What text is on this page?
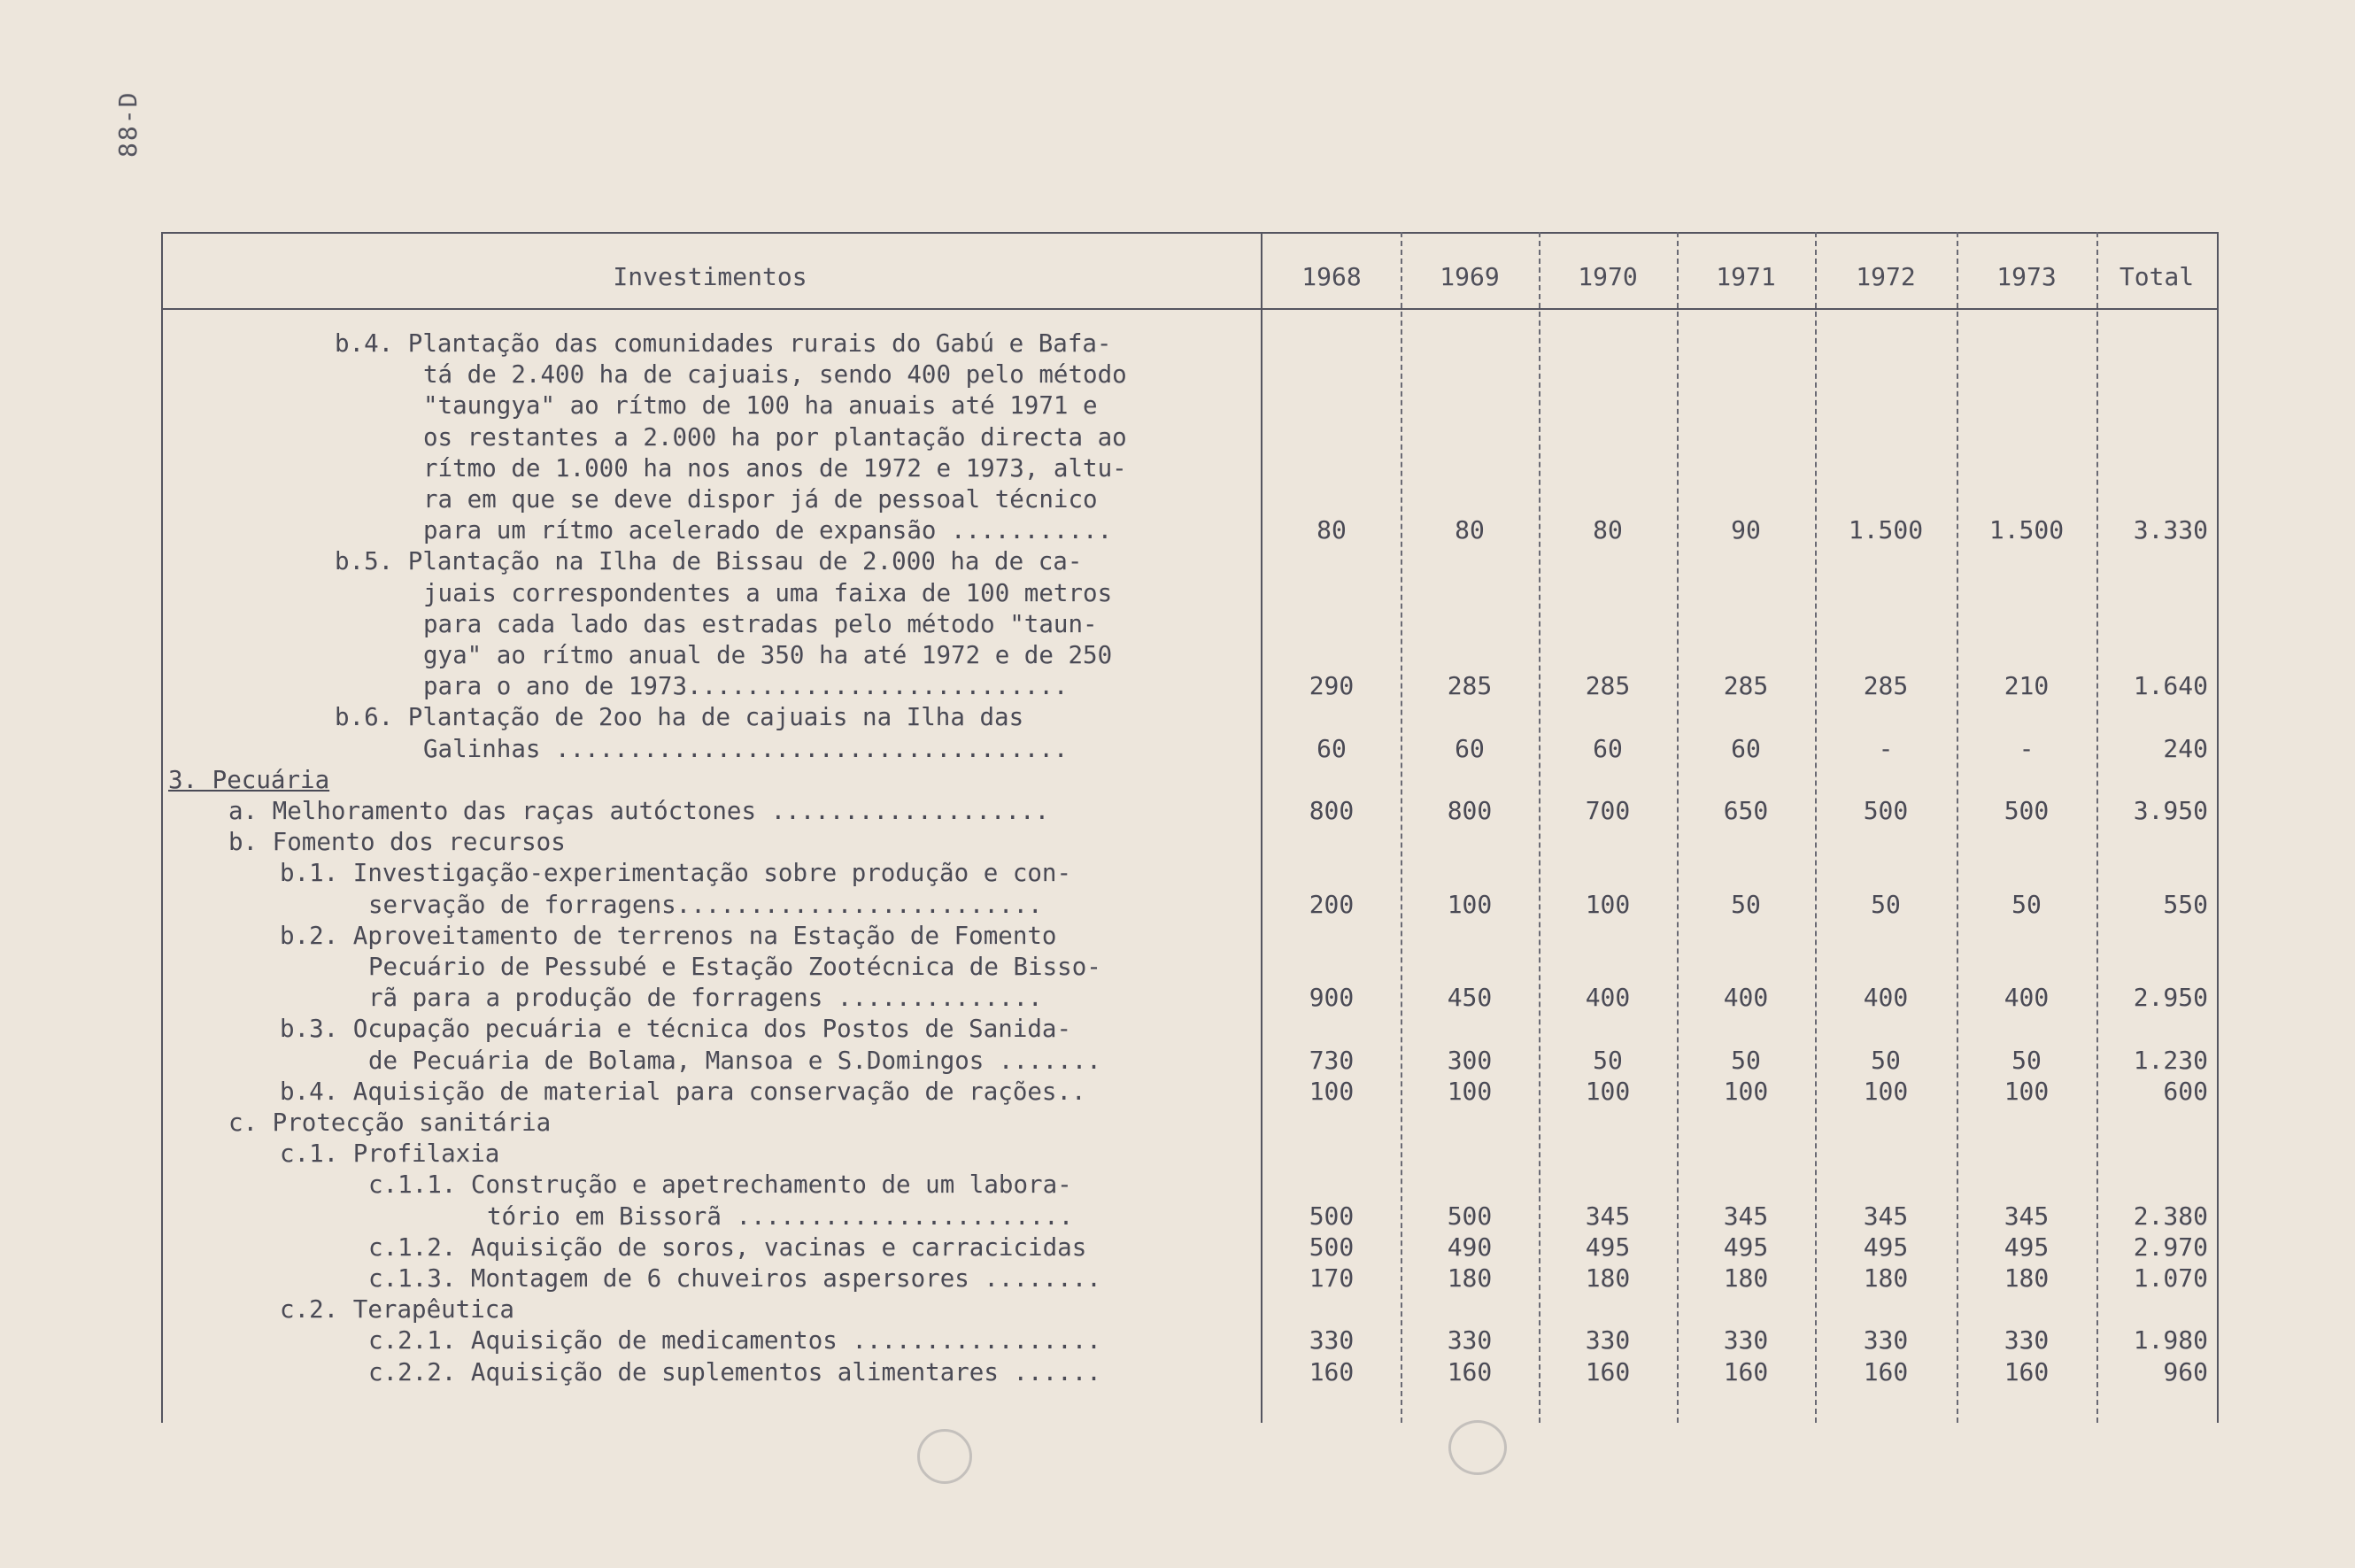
88-D
Investimentos	1968	1969	1970	1971	1972	1973	Total
b.4. Plantação das comunidades rurais do Gabú e Bafa-
tá de 2.400 ha de cajuais, sendo 400 pelo método
"taungya" ao rítmo de 100 ha anuais até 1971 e
os restantes a 2.000 ha por plantação directa ao
rítmo de 1.000 ha nos anos de 1972 e 1973, altu-
ra em que se deve dispor já de pessoal técnico
para um rítmo acelerado de expansão ...........	80	80	80	90	1.500	1.500	3.330
b.5. Plantação na Ilha de Bissau de 2.000 ha de ca-
juais correspondentes a uma faixa de 100 metros
para cada lado das estradas pelo método "taun-
gya" ao rítmo anual de 350 ha até 1972 e de 250
para o ano de 1973..........................	290	285	285	285	285	210	1.640
b.6. Plantação de 2oo ha de cajuais na Ilha das
Galinhas ...................................	60	60	60	60	-	-	240
3. Pecuária
a. Melhoramento das raças autóctones ...................	800	800	700	650	500	500	3.950
b. Fomento dos recursos
b.1. Investigação-experimentação sobre produção e con-
servação de forragens.........................	200	100	100	50	50	50	550
b.2. Aproveitamento de terrenos na Estação de Fomento
Pecuário de Pessubé e Estação Zootécnica de Bisso-
rã para a produção de forragens ..............	900	450	400	400	400	400	2.950
b.3. Ocupação pecuária e técnica dos Postos de Sanida-
de Pecuária de Bolama, Mansoa e S.Domingos .......	730	300	50	50	50	50	1.230
b.4. Aquisição de material para conservação de rações..	100	100	100	100	100	100	600
c. Protecção sanitária
c.1. Profilaxia
c.1.1. Construção e apetrechamento de um labora-
tório em Bissorã .......................	500	500	345	345	345	345	2.380
c.1.2. Aquisição de soros, vacinas e carracicidas	500	490	495	495	495	495	2.970
c.1.3. Montagem de 6 chuveiros aspersores ........	170	180	180	180	180	180	1.070
c.2. Terapêutica
c.2.1. Aquisição de medicamentos .................	330	330	330	330	330	330	1.980
c.2.2. Aquisição de suplementos alimentares ......	160	160	160	160	160	160	960
